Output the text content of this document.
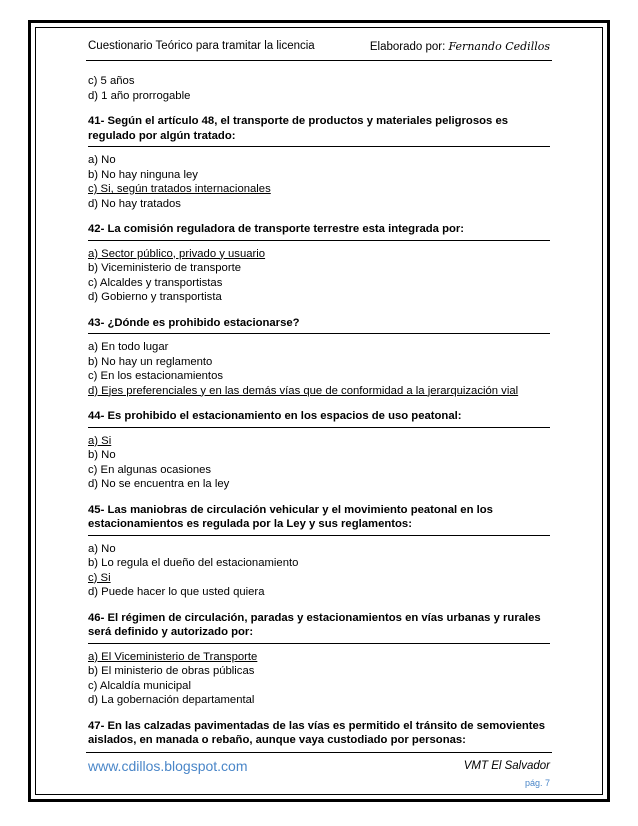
Cuestionario Teórico para tramitar la licencia	Elaborado por: Fernando Cedillos
c) 5 años
d) 1 año prorrogable
41- Según el artículo 48, el transporte de productos y materiales peligrosos es regulado por algún tratado:
a) No
b) No hay ninguna ley
c) Si, según tratados internacionales
d) No hay tratados
42- La comisión reguladora de transporte terrestre esta integrada por:
a) Sector público, privado y usuario
b) Viceministerio de transporte
c) Alcaldes y transportistas
d) Gobierno y transportista
43- ¿Dónde es prohibido estacionarse?
a) En todo lugar
b) No hay un reglamento
c) En los estacionamientos
d) Ejes preferenciales y en las demás vías que de conformidad a la jerarquización vial
44- Es prohibido el estacionamiento en los espacios de uso peatonal:
a) Si
b) No
c) En algunas ocasiones
d) No se encuentra en la ley
45- Las maniobras de circulación vehicular y el movimiento peatonal en los estacionamientos es regulada por la Ley y sus reglamentos:
a) No
b) Lo regula el dueño del estacionamiento
c) Si
d) Puede hacer lo que usted quiera
46- El régimen de circulación, paradas y estacionamientos en vías urbanas y rurales será definido y autorizado por:
a) El Viceministerio de Transporte
b) El ministerio de obras públicas
c) Alcaldía municipal
d) La gobernación departamental
47- En las calzadas pavimentadas de las vías es permitido el tránsito de semovientes aislados, en manada o rebaño, aunque vaya custodiado por personas:
www.cdillos.blogspot.com	VMT El Salvador
pág. 7
